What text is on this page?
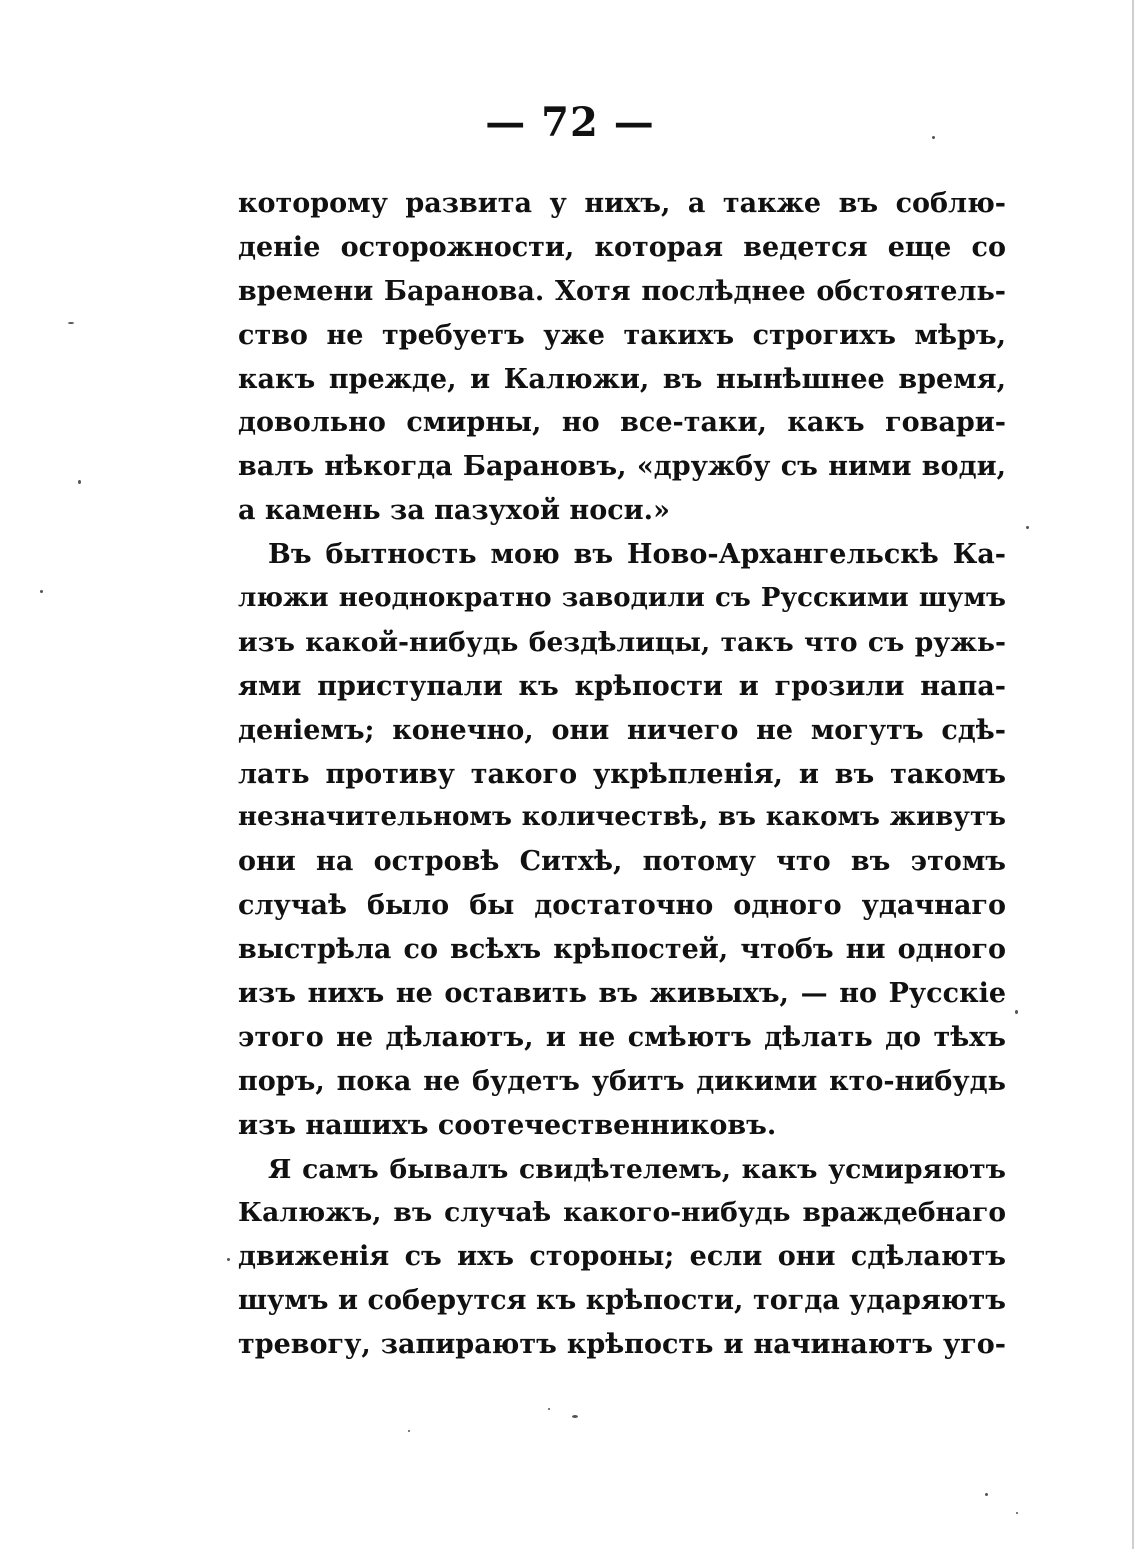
— 72 —
которому развита у нихъ, а также въ соблю-
деніе осторожности, которая ведется еще со
времени Баранова. Хотя послѣднее обстоятель-
ство не требуетъ уже такихъ строгихъ мѣръ,
какъ прежде, и Калюжи, въ нынѣшнее время,
довольно смирны, но все-таки, какъ говари-
валъ нѣкогда Барановъ, «дружбу съ ними води,
а камень за пазухой носи.»
Въ бытность мою въ Ново-Архангельскѣ Ка-
люжи неоднократно заводили съ Русскими шумъ
изъ какой-нибудь бездѣлицы, такъ что съ ружь-
ями приступали къ крѣпости и грозили напа-
деніемъ; конечно, они ничего не могутъ сдѣ-
лать противу такого укрѣпленія, и въ такомъ
незначительномъ количествѣ, въ какомъ живутъ
они на островѣ Ситхѣ, потому что въ этомъ
случаѣ было бы достаточно одного удачнаго
выстрѣла со всѣхъ крѣпостей, чтобъ ни одного
изъ нихъ не оставить въ живыхъ, — но Русскіе
этого не дѣлаютъ, и не смѣютъ дѣлать до тѣхъ
поръ, пока не будетъ убитъ дикими кто-нибудь
изъ нашихъ соотечественниковъ.
Я самъ бывалъ свидѣтелемъ, какъ усмиряютъ
Калюжъ, въ случаѣ какого-нибудь враждебнаго
движенія съ ихъ стороны; если они сдѣлаютъ
шумъ и соберутся къ крѣпости, тогда ударяютъ
тревогу, запираютъ крѣпость и начинаютъ уго-
